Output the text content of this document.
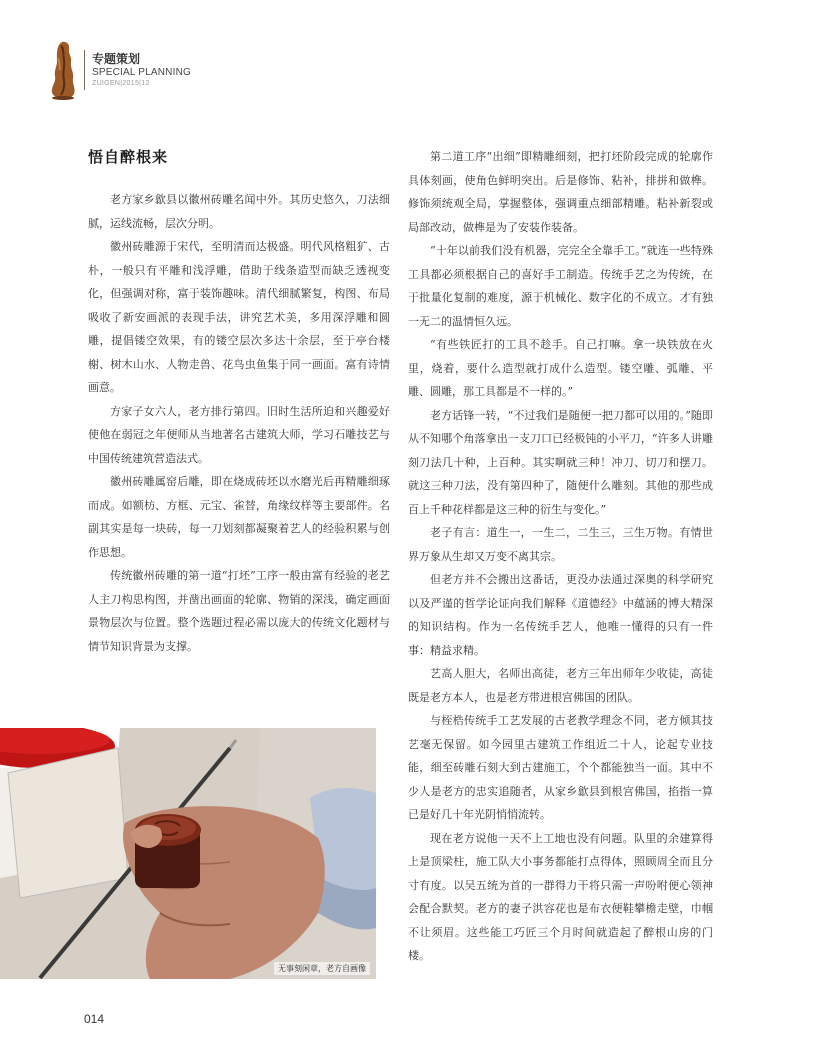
专题策划
SPECIAL PLANNING
ZUIGEN|2015|12
悟自醉根来

老方家乡歙县以徽州砖雕名闻中外。其历史悠久，刀法细腻，运线流畅，层次分明。

徽州砖雕源于宋代，至明清而达极盛。明代风格粗犷、古朴，一般只有平雕和浅浮雕，借助于线条造型而缺乏透视变化，但强调对称，富于装饰趣味。清代细腻繁复，构图、布局吸收了新安画派的表现手法，讲究艺术美，多用深浮雕和圆雕，提倡镂空效果，有的镂空层次多达十余层，至于亭台楼榭、树木山水、人物走兽、花鸟虫鱼集于同一画面。富有诗情画意。

方家子女六人，老方排行第四。旧时生活所迫和兴趣爱好使他在弱冠之年便师从当地著名古建筑大师，学习石雕技艺与中国传统建筑营造法式。

徽州砖雕属窑后雕，即在烧成砖坯以水磨光后再精雕细琢而成。如额枋、方框、元宝、雀替，角缘纹样等主要部件。名副其实是每一块砖，每一刀划刻都凝聚着艺人的经验积累与创作思想。

传统徽州砖雕的第一道“打坯”工序一般由富有经验的老艺人主刀构思构图，并凿出画面的轮廓、物销的深浅，确定画面景物层次与位置。整个选题过程必需以庞大的传统文化题材与情节知识背景为支撑。

第二道工序“出细”即精雕细刻，把打坯阶段完成的轮廓作具体刻画，使角色鲜明突出。后是修饰、粘补，排拼和做榫。修饰须统观全局，掌握整体，强调重点细部精雕。粘补新裂或局部改动，做榫是为了安装作装备。

“十年以前我们没有机器，完完全全靠手工。”就连一些特殊工具都必须根据自己的喜好手工制造。传统手艺之为传统，在于批量化复制的难度，源于机械化、数字化的不成立。才有独一无二的温情恒久远。

“有些铁匠打的工具不趁手。自己打嘛。拿一块铁放在火里，烧着，要什么造型就打成什么造型。镂空雕、弧雕、平雕、圆雕，那工具都是不一样的。”

老方话锋一转，“不过我们是随便一把刀都可以用的。”随即从不知哪个角落拿出一支刀口已经极钝的小平刀，“许多人讲雕刻刀法几十种，上百种。其实啊就三种！冲刀、切刀和摆刀。就这三种刀法，没有第四种了，随便什么雕刻。其他的那些成百上千种花样都是这三种的衍生与变化。”

老子有言：道生一，一生二，二生三，三生万物。有情世界万象从生却又万变不离其宗。

但老方并不会搬出这番话，更没办法通过深奥的科学研究以及严谨的哲学论证向我们解释《道德经》中蕴涵的博大精深的知识结构。作为一名传统手艺人，他唯一懂得的只有一件事：精益求精。

艺高人胆大，名师出高徒，老方三年出师年少收徒，高徒既是老方本人，也是老方带进根宫佛国的团队。

与桎梏传统手工艺发展的古老教学理念不同，老方倾其技艺毫无保留。如今园里古建筑工作组近二十人，论起专业技能，细至砖雕石刻大到古建施工，个个都能独当一面。其中不少人是老方的忠实追随者，从家乡歙县到根宫佛国，掐指一算已是好几十年光阴悄悄流转。

现在老方说他一天不上工地也没有问题。队里的余建算得上是顶梁柱，施工队大小事务都能打点得体，照顾周全而且分寸有度。以吴五统为首的一群得力干将只需一声吩咐便心领神会配合默契。老方的妻子洪容花也是布衣便鞋攀檐走壁，巾帼不让须眉。这些能工巧匠三个月时间就造起了醉根山房的门楼。

无事刻闲章，老方自画像
014
